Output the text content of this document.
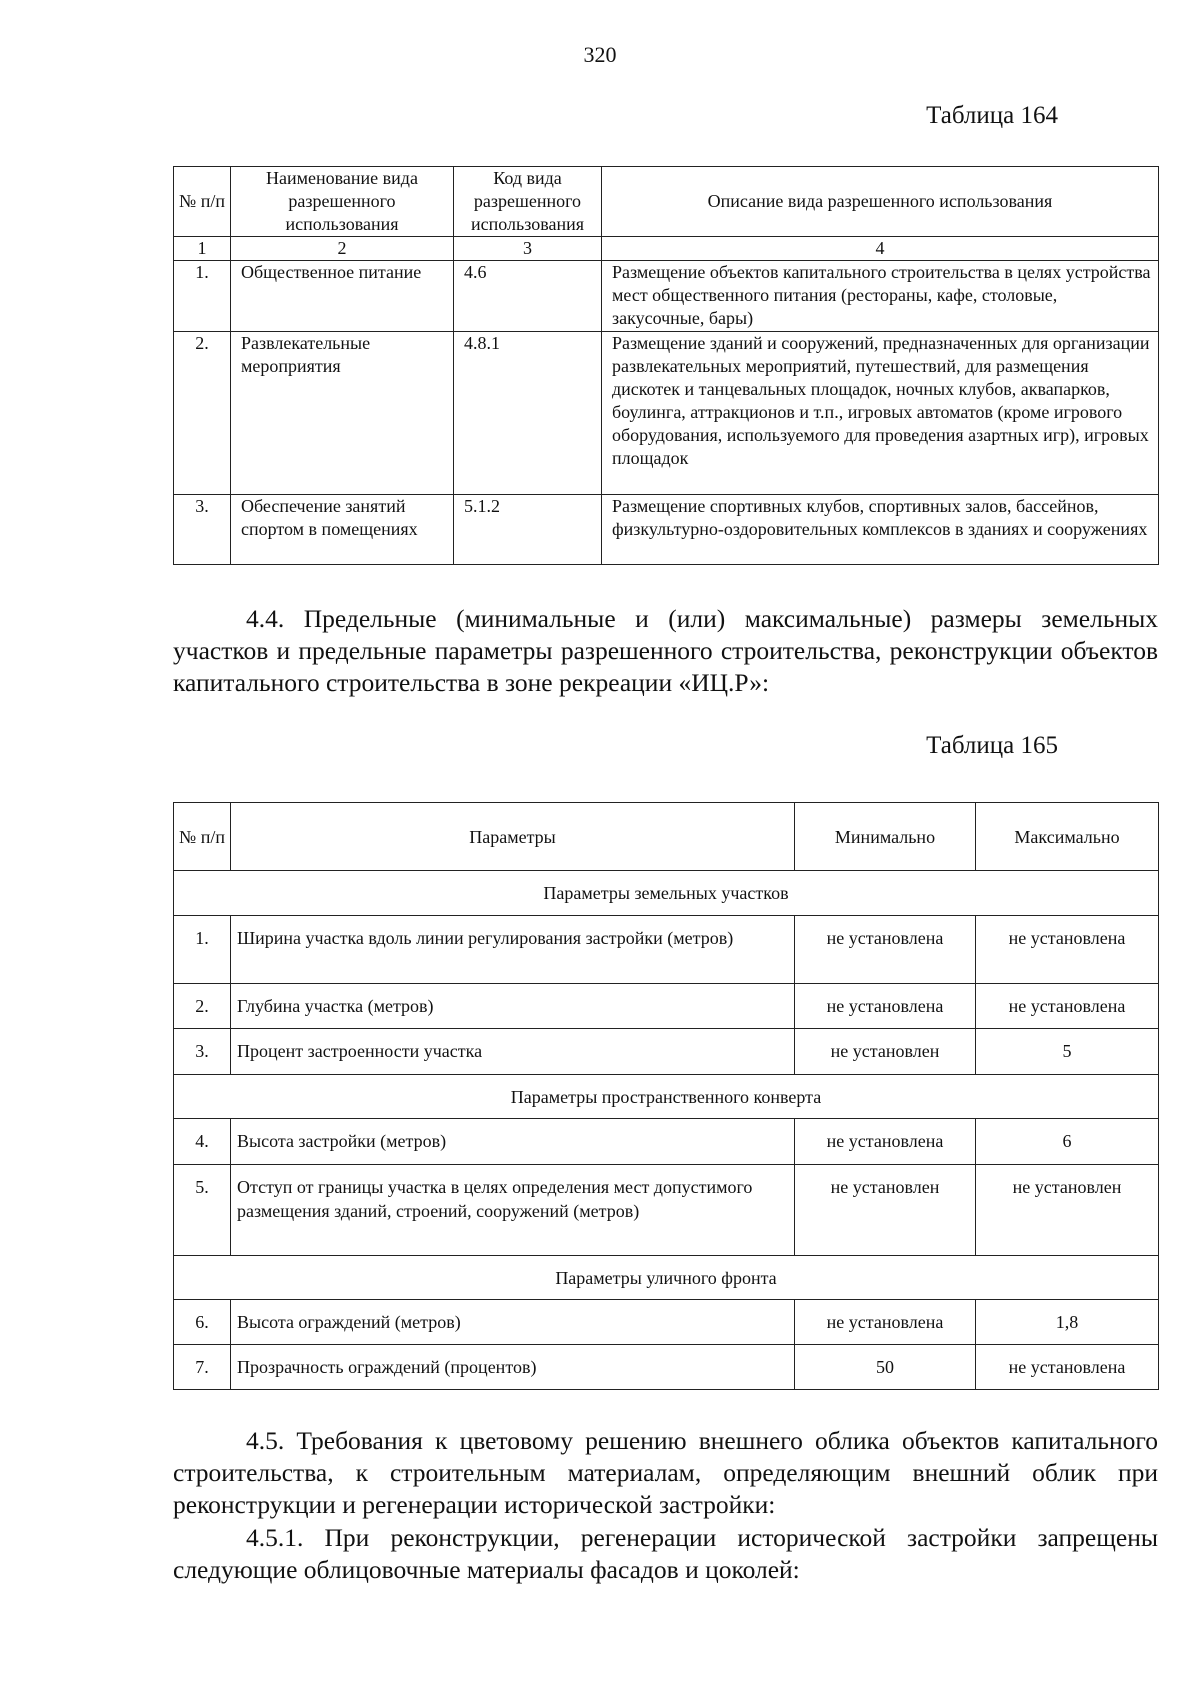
320
Таблица 164
№ п/п	Наименование вида разрешенного использования	Код вида разрешенного использования	Описание вида разрешенного использования
1	2	3	4
1.	Общественное питание	4.6	Размещение объектов капитального строительства в целях устройства мест общественного питания (рестораны, кафе, столовые, закусочные, бары)
2.	Развлекательные мероприятия	4.8.1	Размещение зданий и сооружений, предназначенных для организации развлекательных мероприятий, путешествий, для размещения дискотек и танцевальных площадок, ночных клубов, аквапарков, боулинга, аттракционов и т.п., игровых автоматов (кроме игрового оборудования, используемого для проведения азартных игр), игровых площадок
3.	Обеспечение занятий спортом в помещениях	5.1.2	Размещение спортивных клубов, спортивных залов, бассейнов, физкультурно-оздоровительных комплексов в зданиях и сооружениях

4.4. Предельные (минимальные и (или) максимальные) размеры земельных участков и предельные параметры разрешенного строительства, реконструкции объектов капитального строительства в зоне рекреации «ИЦ.Р»:

Таблица 165
№ п/п	Параметры	Минимально	Максимально
Параметры земельных участков			
1.	Ширина участка вдоль линии регулирования застройки (метров)	не установлена	не установлена
2.	Глубина участка (метров)	не установлена	не установлена
3.	Процент застроенности участка	не установлен	5
Параметры пространственного конверта			
4.	Высота застройки (метров)	не установлена	6
5.	Отступ от границы участка в целях определения мест допустимого размещения зданий, строений, сооружений (метров)	не установлен	не установлен
Параметры уличного фронта			
6.	Высота ограждений (метров)	не установлена	1,8
7.	Прозрачность ограждений (процентов)	50	не установлена

4.5. Требования к цветовому решению внешнего облика объектов капитального строительства, к строительным материалам, определяющим внешний облик при реконструкции и регенерации исторической застройки:

4.5.1. При реконструкции, регенерации исторической застройки запрещены следующие облицовочные материалы фасадов и цоколей:
